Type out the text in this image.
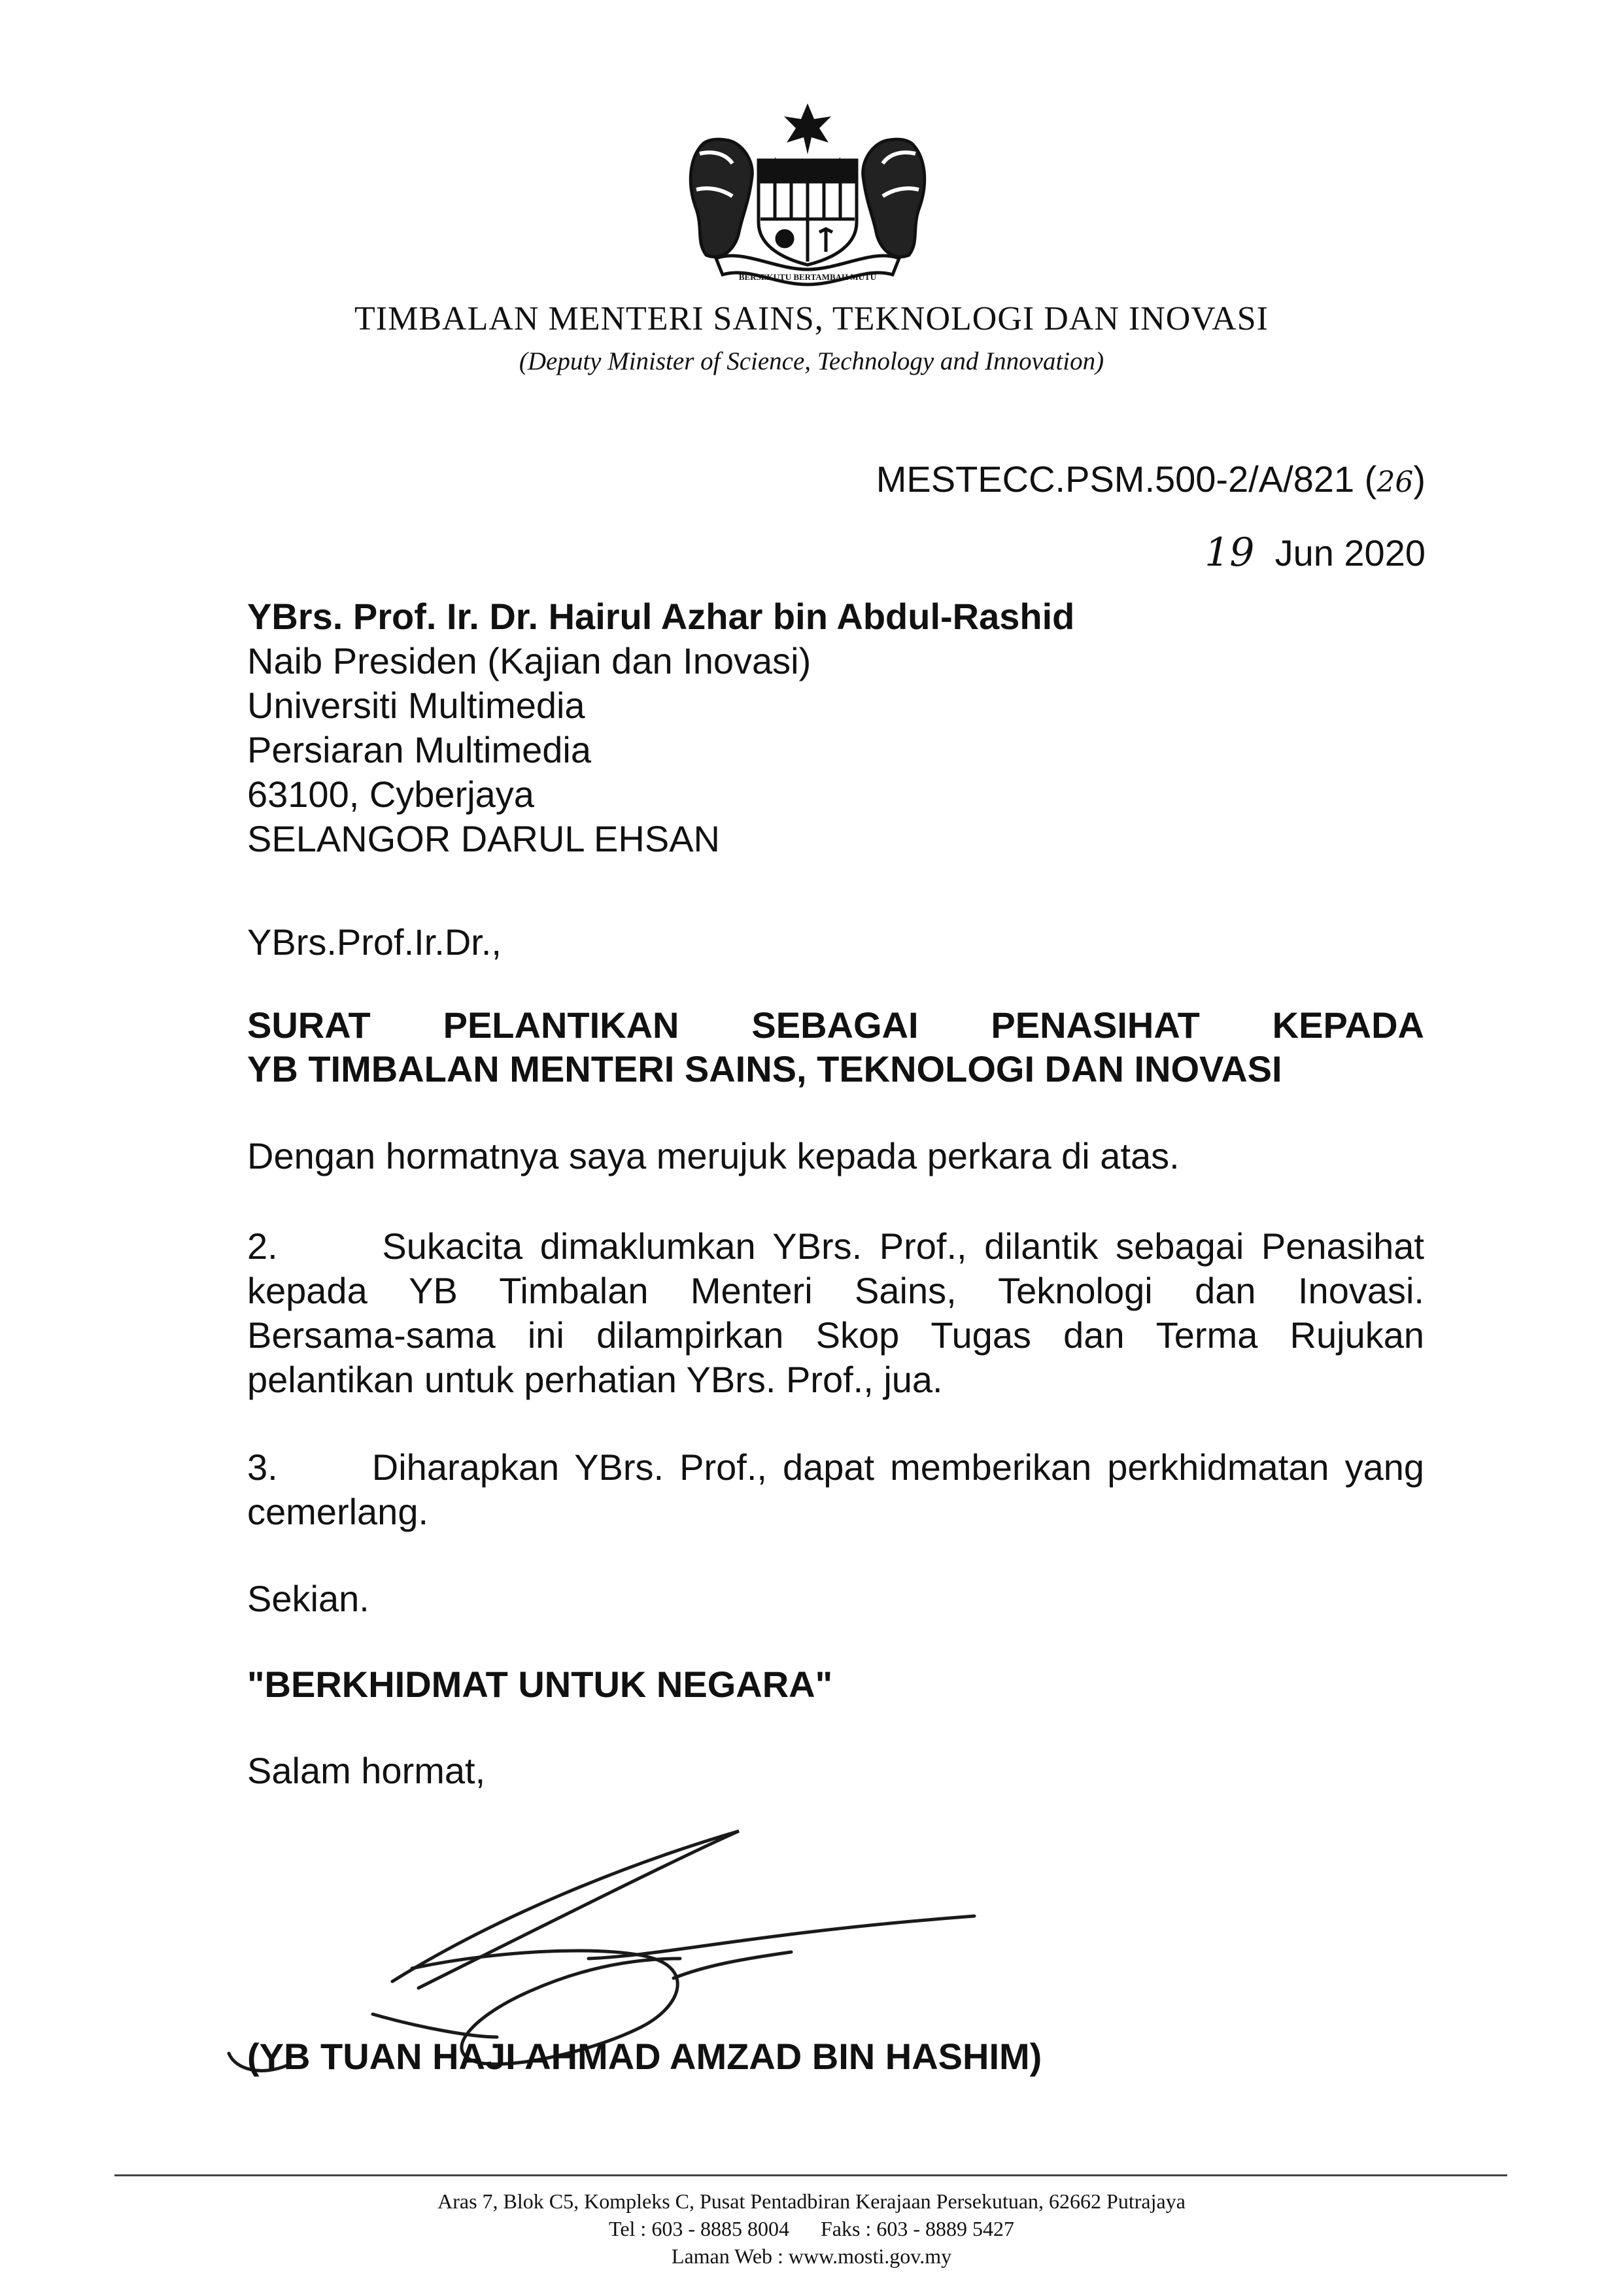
BERSEKUTU BERTAMBAH MUTU
TIMBALAN MENTERI SAINS, TEKNOLOGI DAN INOVASI
(Deputy Minister of Science, Technology and Innovation)
MESTECC.PSM.500-2/A/821 (26)
19 Jun 2020
YBrs. Prof. Ir. Dr. Hairul Azhar bin Abdul-Rashid
Naib Presiden (Kajian dan Inovasi)
Universiti Multimedia
Persiaran Multimedia
63100, Cyberjaya
SELANGOR DARUL EHSAN
YBrs.Prof.Ir.Dr.,
SURAT PELANTIKAN SEBAGAI PENASIHAT KEPADA
YB TIMBALAN MENTERI SAINS, TEKNOLOGI DAN INOVASI
Dengan hormatnya saya merujuk kepada perkara di atas.
2.      Sukacita dimaklumkan YBrs. Prof., dilantik sebagai Penasihat
kepada YB Timbalan Menteri Sains, Teknologi dan Inovasi.
Bersama-sama ini dilampirkan Skop Tugas dan Terma Rujukan
pelantikan untuk perhatian YBrs. Prof., jua.
3.      Diharapkan YBrs. Prof., dapat memberikan perkhidmatan yang
cemerlang.
Sekian.
"BERKHIDMAT UNTUK NEGARA"
Salam hormat,
(YB TUAN HAJI AHMAD AMZAD BIN HASHIM)
Aras 7, Blok C5, Kompleks C, Pusat Pentadbiran Kerajaan Persekutuan, 62662 Putrajaya
Tel : 603 - 8885 8004      Faks : 603 - 8889 5427
Laman Web : www.mosti.gov.my
